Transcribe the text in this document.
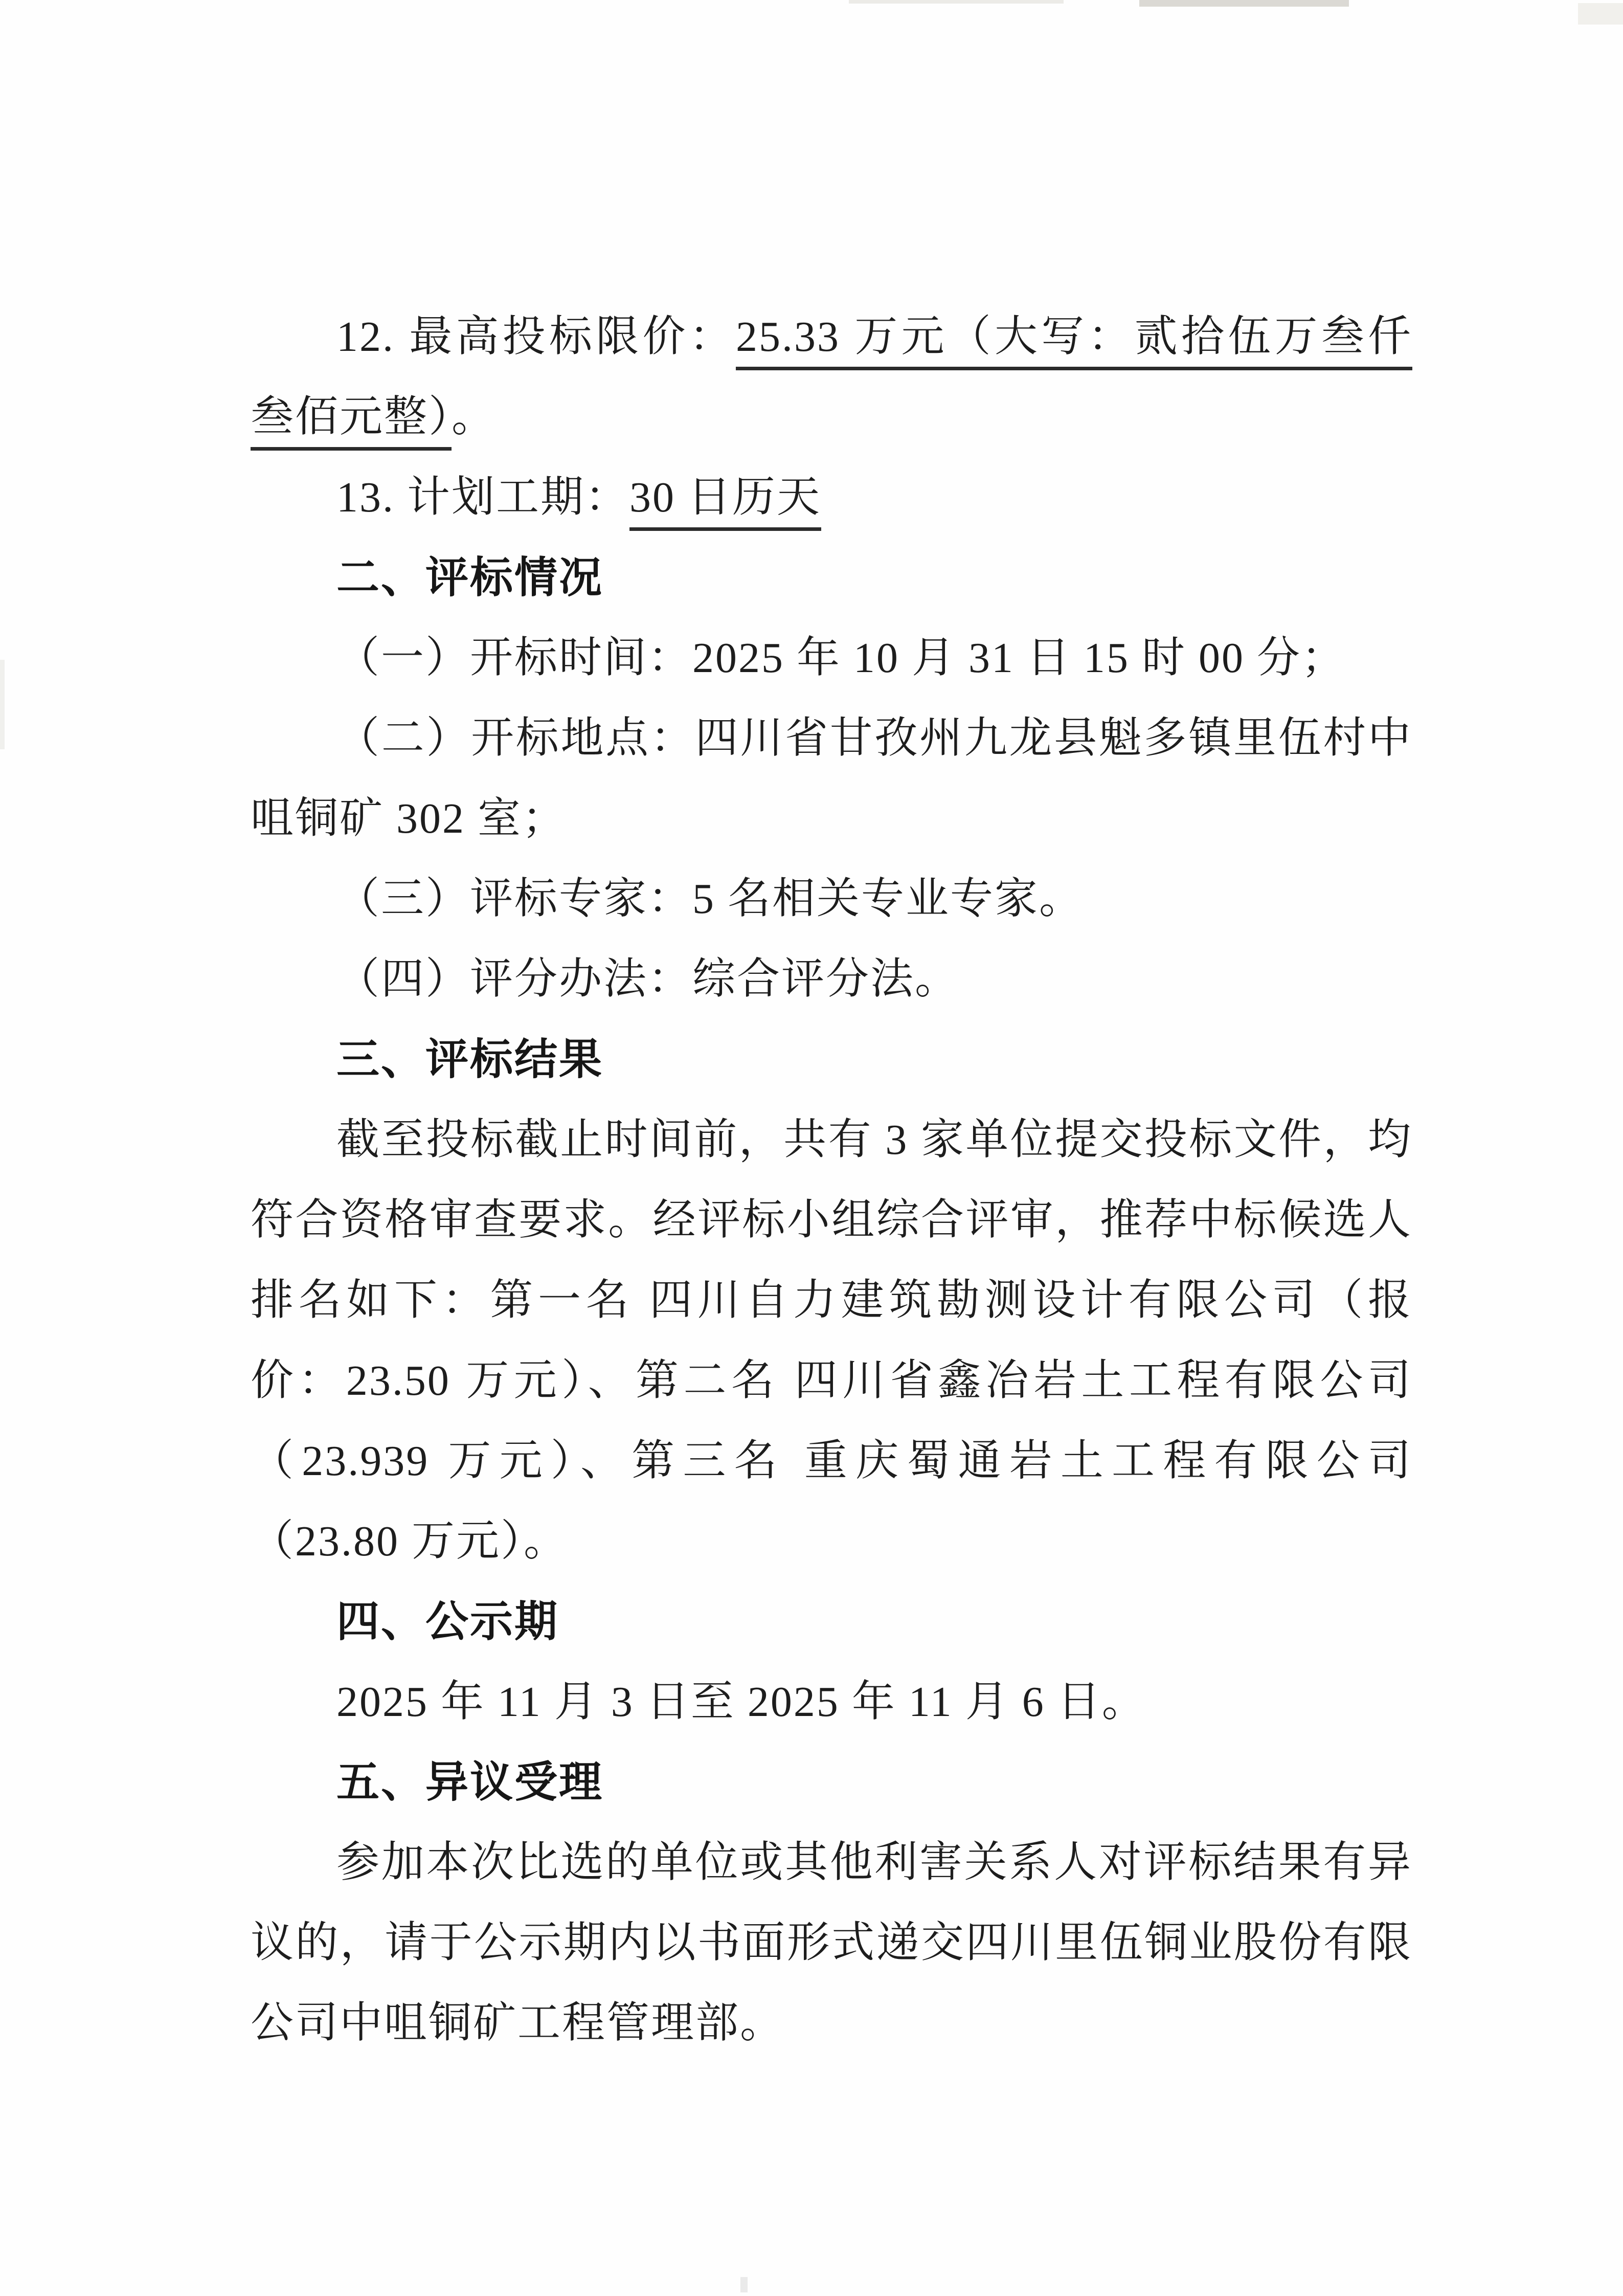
12. 最高投标限价：25.33 万元（大写：贰拾伍万叁仟叁佰元整）。

13. 计划工期：30 日历天

二、评标情况

（一）开标时间：2025 年 10 月 31 日 15 时 00 分；

（二）开标地点：四川省甘孜州九龙县魁多镇里伍村中咀铜矿 302 室；

（三）评标专家：5 名相关专业专家。

（四）评分办法：综合评分法。

三、评标结果

截至投标截止时间前，共有 3 家单位提交投标文件，均符合资格审查要求。经评标小组综合评审，推荐中标候选人排名如下：第一名 四川自力建筑勘测设计有限公司（报价：23.50 万元）、第二名 四川省鑫冶岩土工程有限公司（23.939 万元）、第三名 重庆蜀通岩土工程有限公司（23.80 万元）。

四、公示期

2025 年 11 月 3 日至 2025 年 11 月 6 日。

五、异议受理

参加本次比选的单位或其他利害关系人对评标结果有异议的，请于公示期内以书面形式递交四川里伍铜业股份有限公司中咀铜矿工程管理部。
